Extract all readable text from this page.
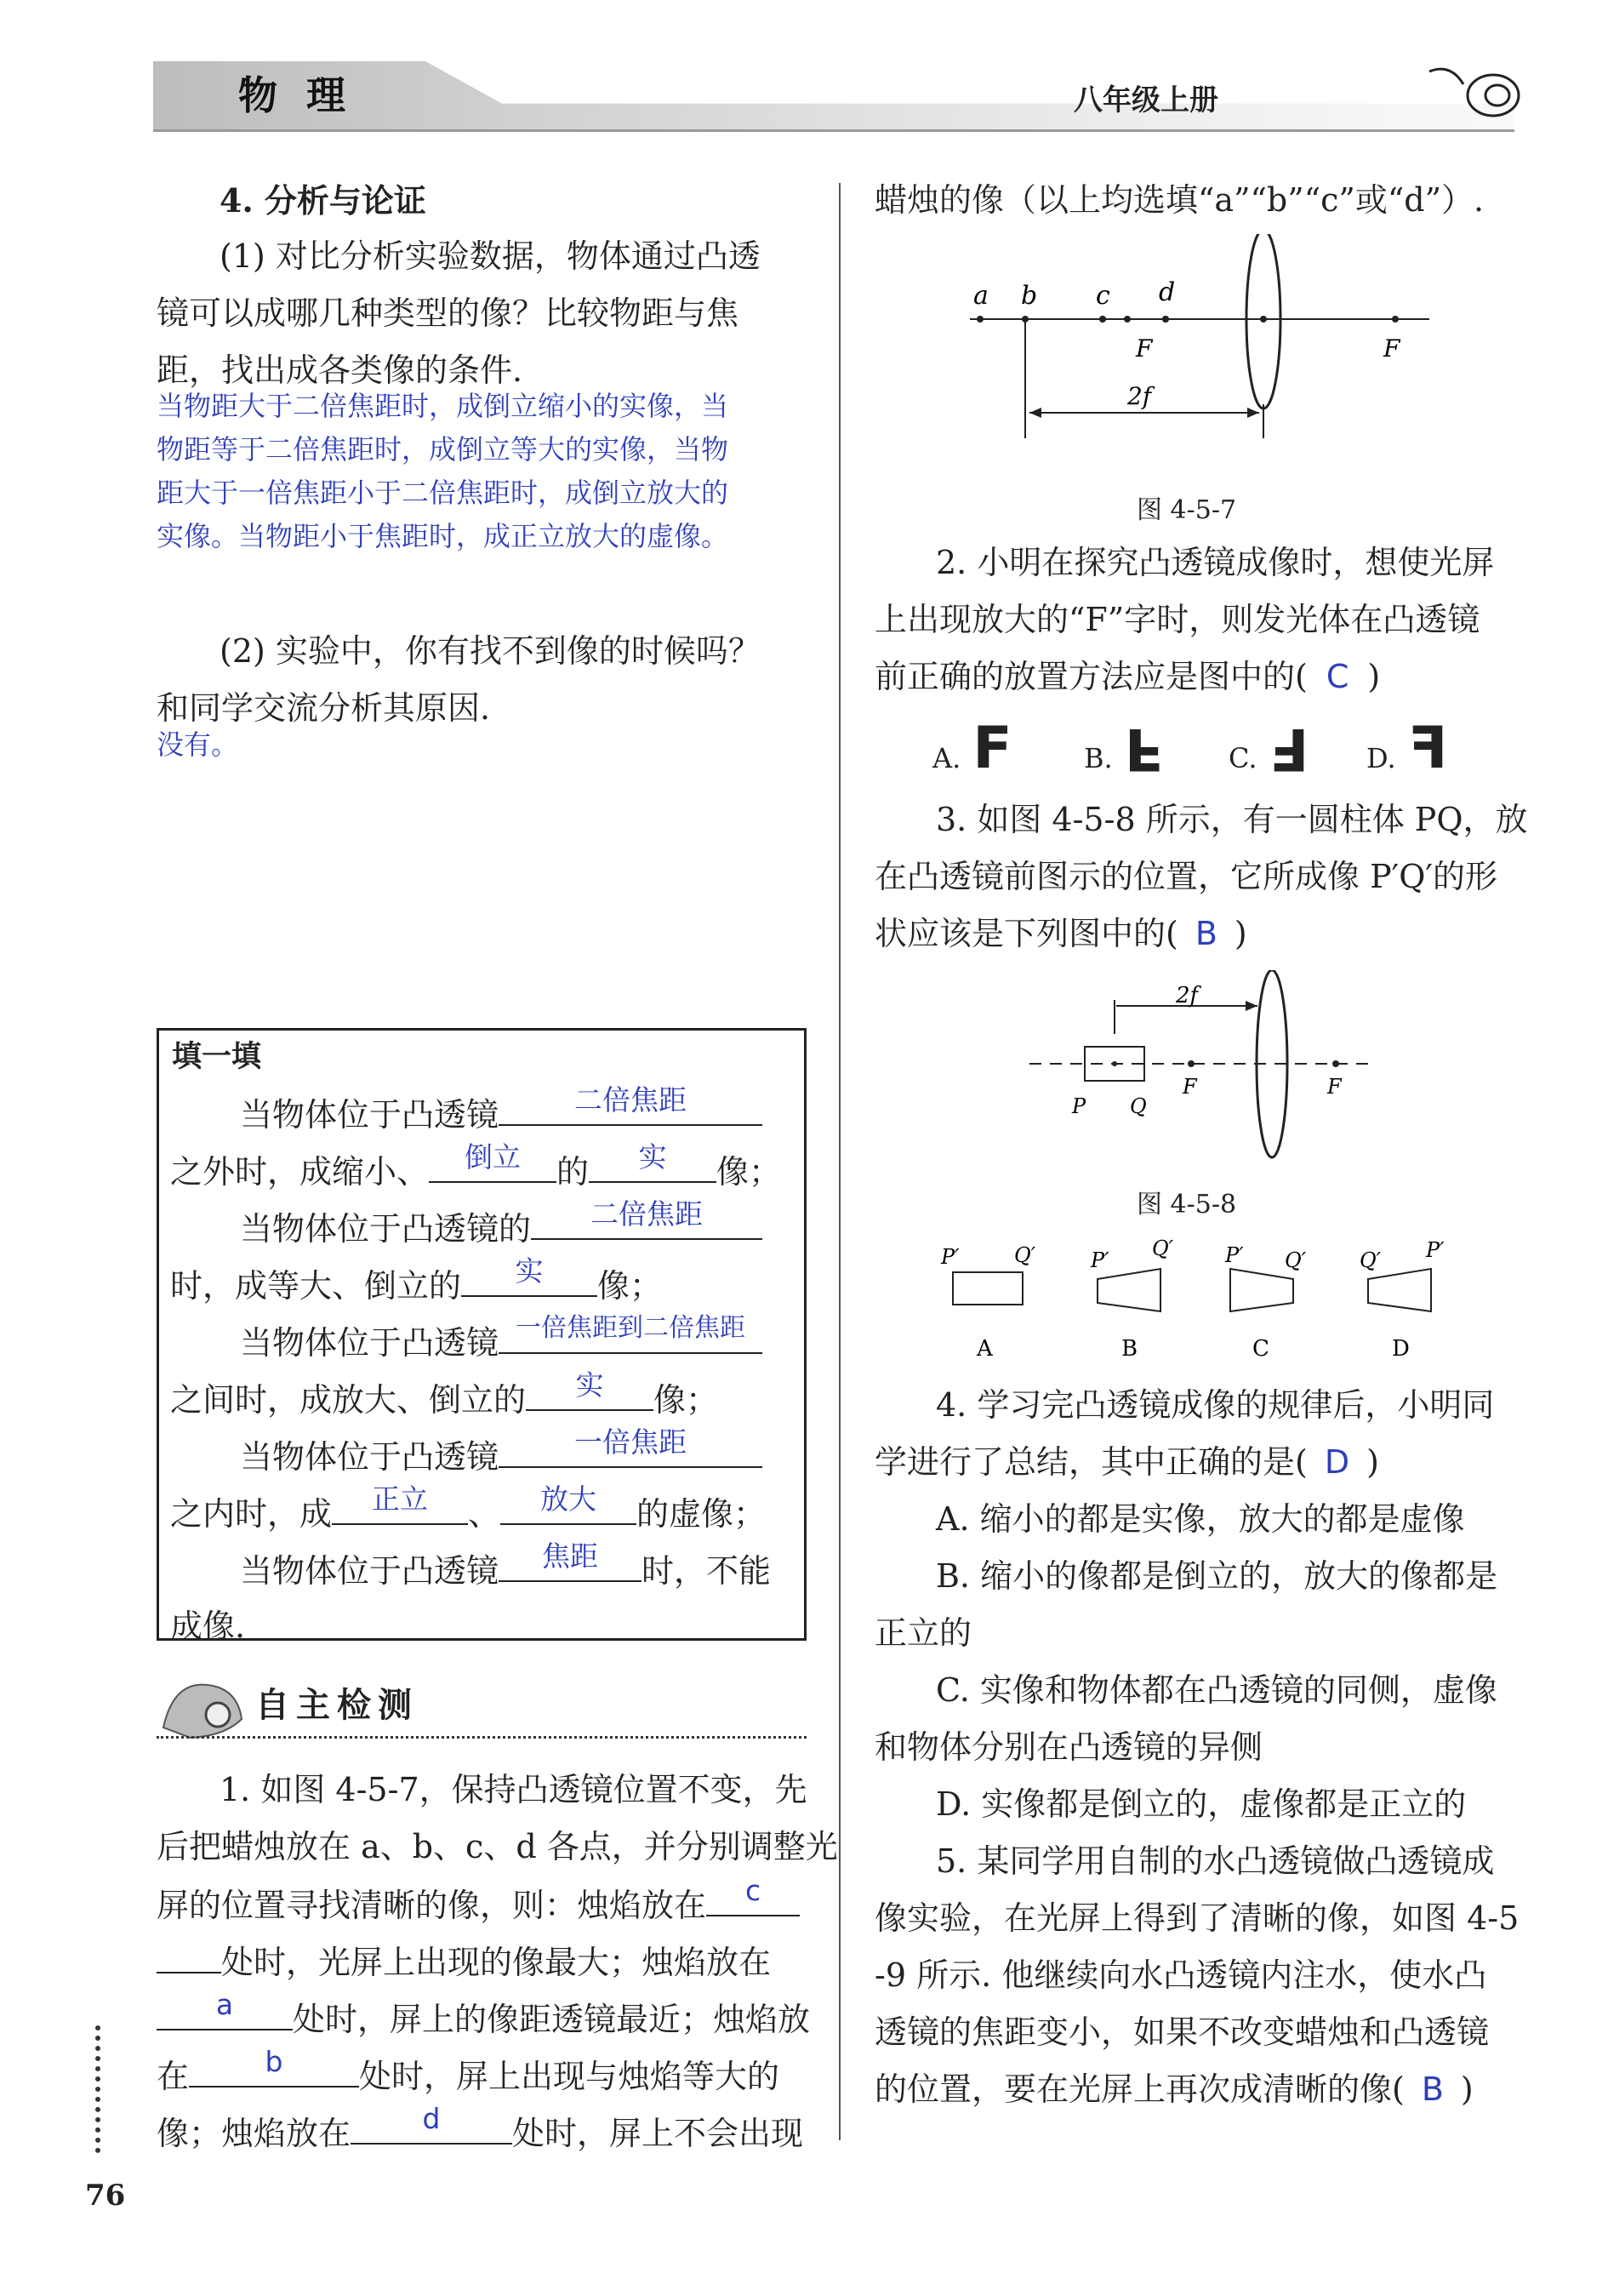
物理	八年级上册
4. 分析与论证
(1) 对比分析实验数据，物体通过凸透
镜可以成哪几种类型的像？比较物距与焦
距，找出成各类像的条件.
当物距大于二倍焦距时，成倒立缩小的实像，当
物距等于二倍焦距时，成倒立等大的实像，当物
距大于一倍焦距小于二倍焦距时，成倒立放大的
实像。当物距小于焦距时，成正立放大的虚像。
(2) 实验中，你有找不到像的时候吗？
和同学交流分析其原因.
没有。
填一填
当物体位于凸透镜	二倍焦距
之外时，成缩小、	倒立	的	实	像；
当物体位于凸透镜的	二倍焦距
时，成等大、倒立的	实	像；
当物体位于凸透镜 一倍焦距到二倍焦距
之间时，成放大、倒立的	实	像；
当物体位于凸透镜	一倍焦距
之内时，成	正立	、	放大	的虚像；
当物体位于凸透镜	焦距	时，不能
成像.
自主检测
1. 如图 4-5-7，保持凸透镜位置不变，先
后把蜡烛放在 a、b、c、d 各点，并分别调整光
屏的位置寻找清晰的像，则：烛焰放在	c
处时，光屏上出现的像最大；烛焰放在
a	处时，屏上的像距透镜最近；烛焰放
在	b	处时，屏上出现与烛焰等大的
像；烛焰放在	d	处时，屏上不会出现
76
蜡烛的像（以上均选填“a”“b”“c”或“d”）.
a b c d
F	F
2f
图 4-5-7
2. 小明在探究凸透镜成像时，想使光屏
上出现放大的“F”字时，则发光体在凸透镜
前正确的放置方法应是图中的( C )
A. F	B. F C. F D. F
3. 如图 4-5-8 所示，有一圆柱体 PQ，放
在凸透镜前图示的位置，它所成像 P′Q′的形
状应该是下列图中的( B )
2f
P Q
F	F
图 4-5-8
P′	Q′
A
P′ Q′
B
P′ Q′
C
Q′ P′
D
4. 学习完凸透镜成像的规律后，小明同
学进行了总结，其中正确的是( D )
A. 缩小的都是实像，放大的都是虚像
B. 缩小的像都是倒立的，放大的像都是
正立的
C. 实像和物体都在凸透镜的同侧，虚像
和物体分别在凸透镜的异侧
D. 实像都是倒立的，虚像都是正立的
5. 某同学用自制的水凸透镜做凸透镜成
像实验，在光屏上得到了清晰的像，如图 4-5
-9 所示. 他继续向水凸透镜内注水，使水凸
透镜的焦距变小，如果不改变蜡烛和凸透镜
的位置，要在光屏上再次成清晰的像( B )
